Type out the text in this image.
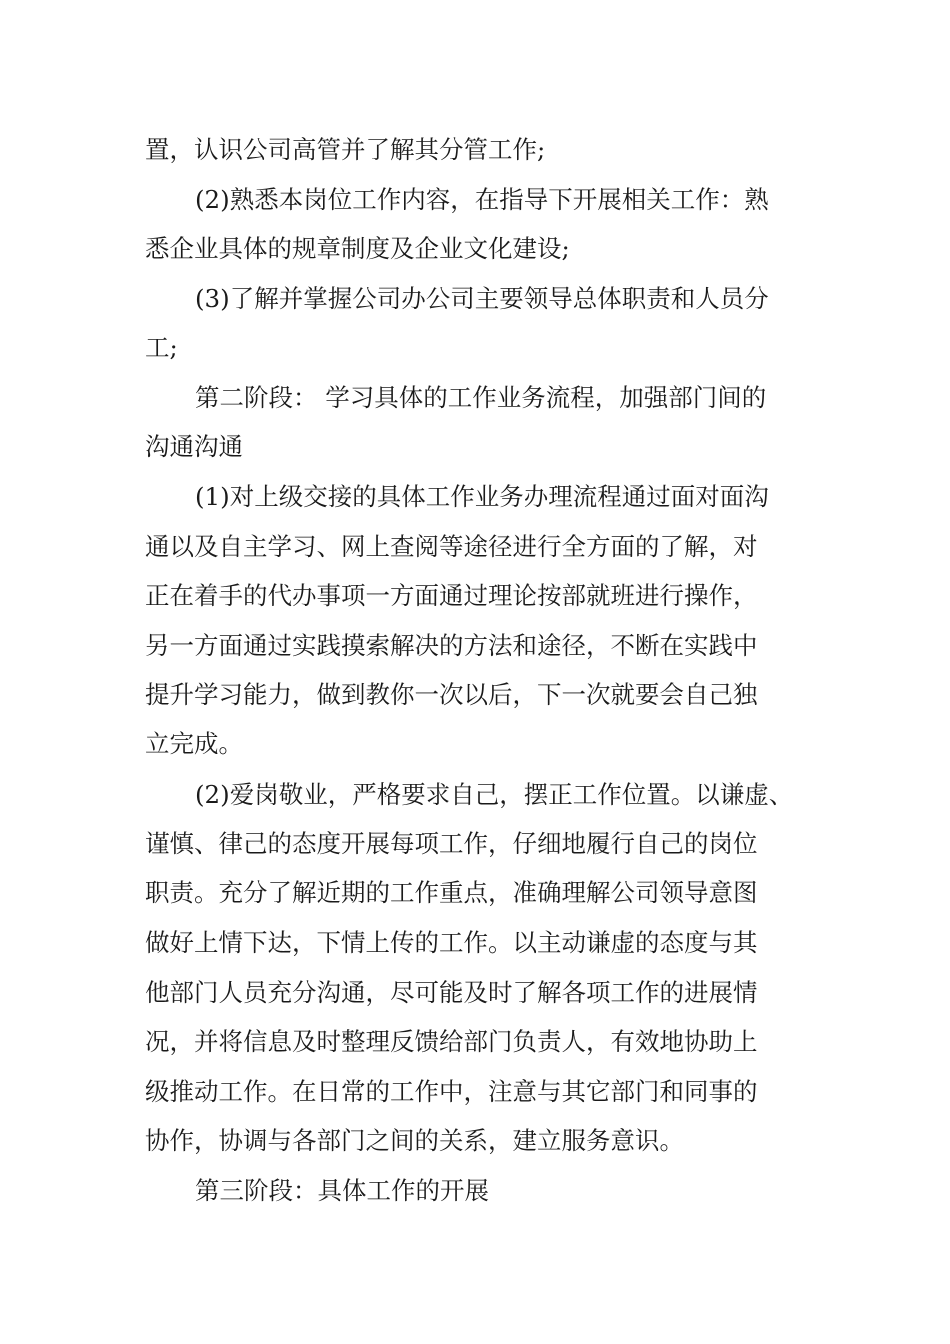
置，认识公司高管并了解其分管工作;
(2)熟悉本岗位工作内容，在指导下开展相关工作：熟
悉企业具体的规章制度及企业文化建设;
(3)了解并掌握公司办公司主要领导总体职责和人员分
工;
第二阶段： 学习具体的工作业务流程，加强部门间的
沟通沟通
(1)对上级交接的具体工作业务办理流程通过面对面沟
通以及自主学习、网上查阅等途径进行全方面的了解，对
正在着手的代办事项一方面通过理论按部就班进行操作，
另一方面通过实践摸索解决的方法和途径，不断在实践中
提升学习能力，做到教你一次以后，下一次就要会自己独
立完成。
(2)爱岗敬业，严格要求自己，摆正工作位置。以谦虚、
谨慎、律己的态度开展每项工作，仔细地履行自己的岗位
职责。充分了解近期的工作重点，准确理解公司领导意图
做好上情下达，下情上传的工作。以主动谦虚的态度与其
他部门人员充分沟通，尽可能及时了解各项工作的进展情
况，并将信息及时整理反馈给部门负责人，有效地协助上
级推动工作。在日常的工作中，注意与其它部门和同事的
协作，协调与各部门之间的关系，建立服务意识。
第三阶段：具体工作的开展
